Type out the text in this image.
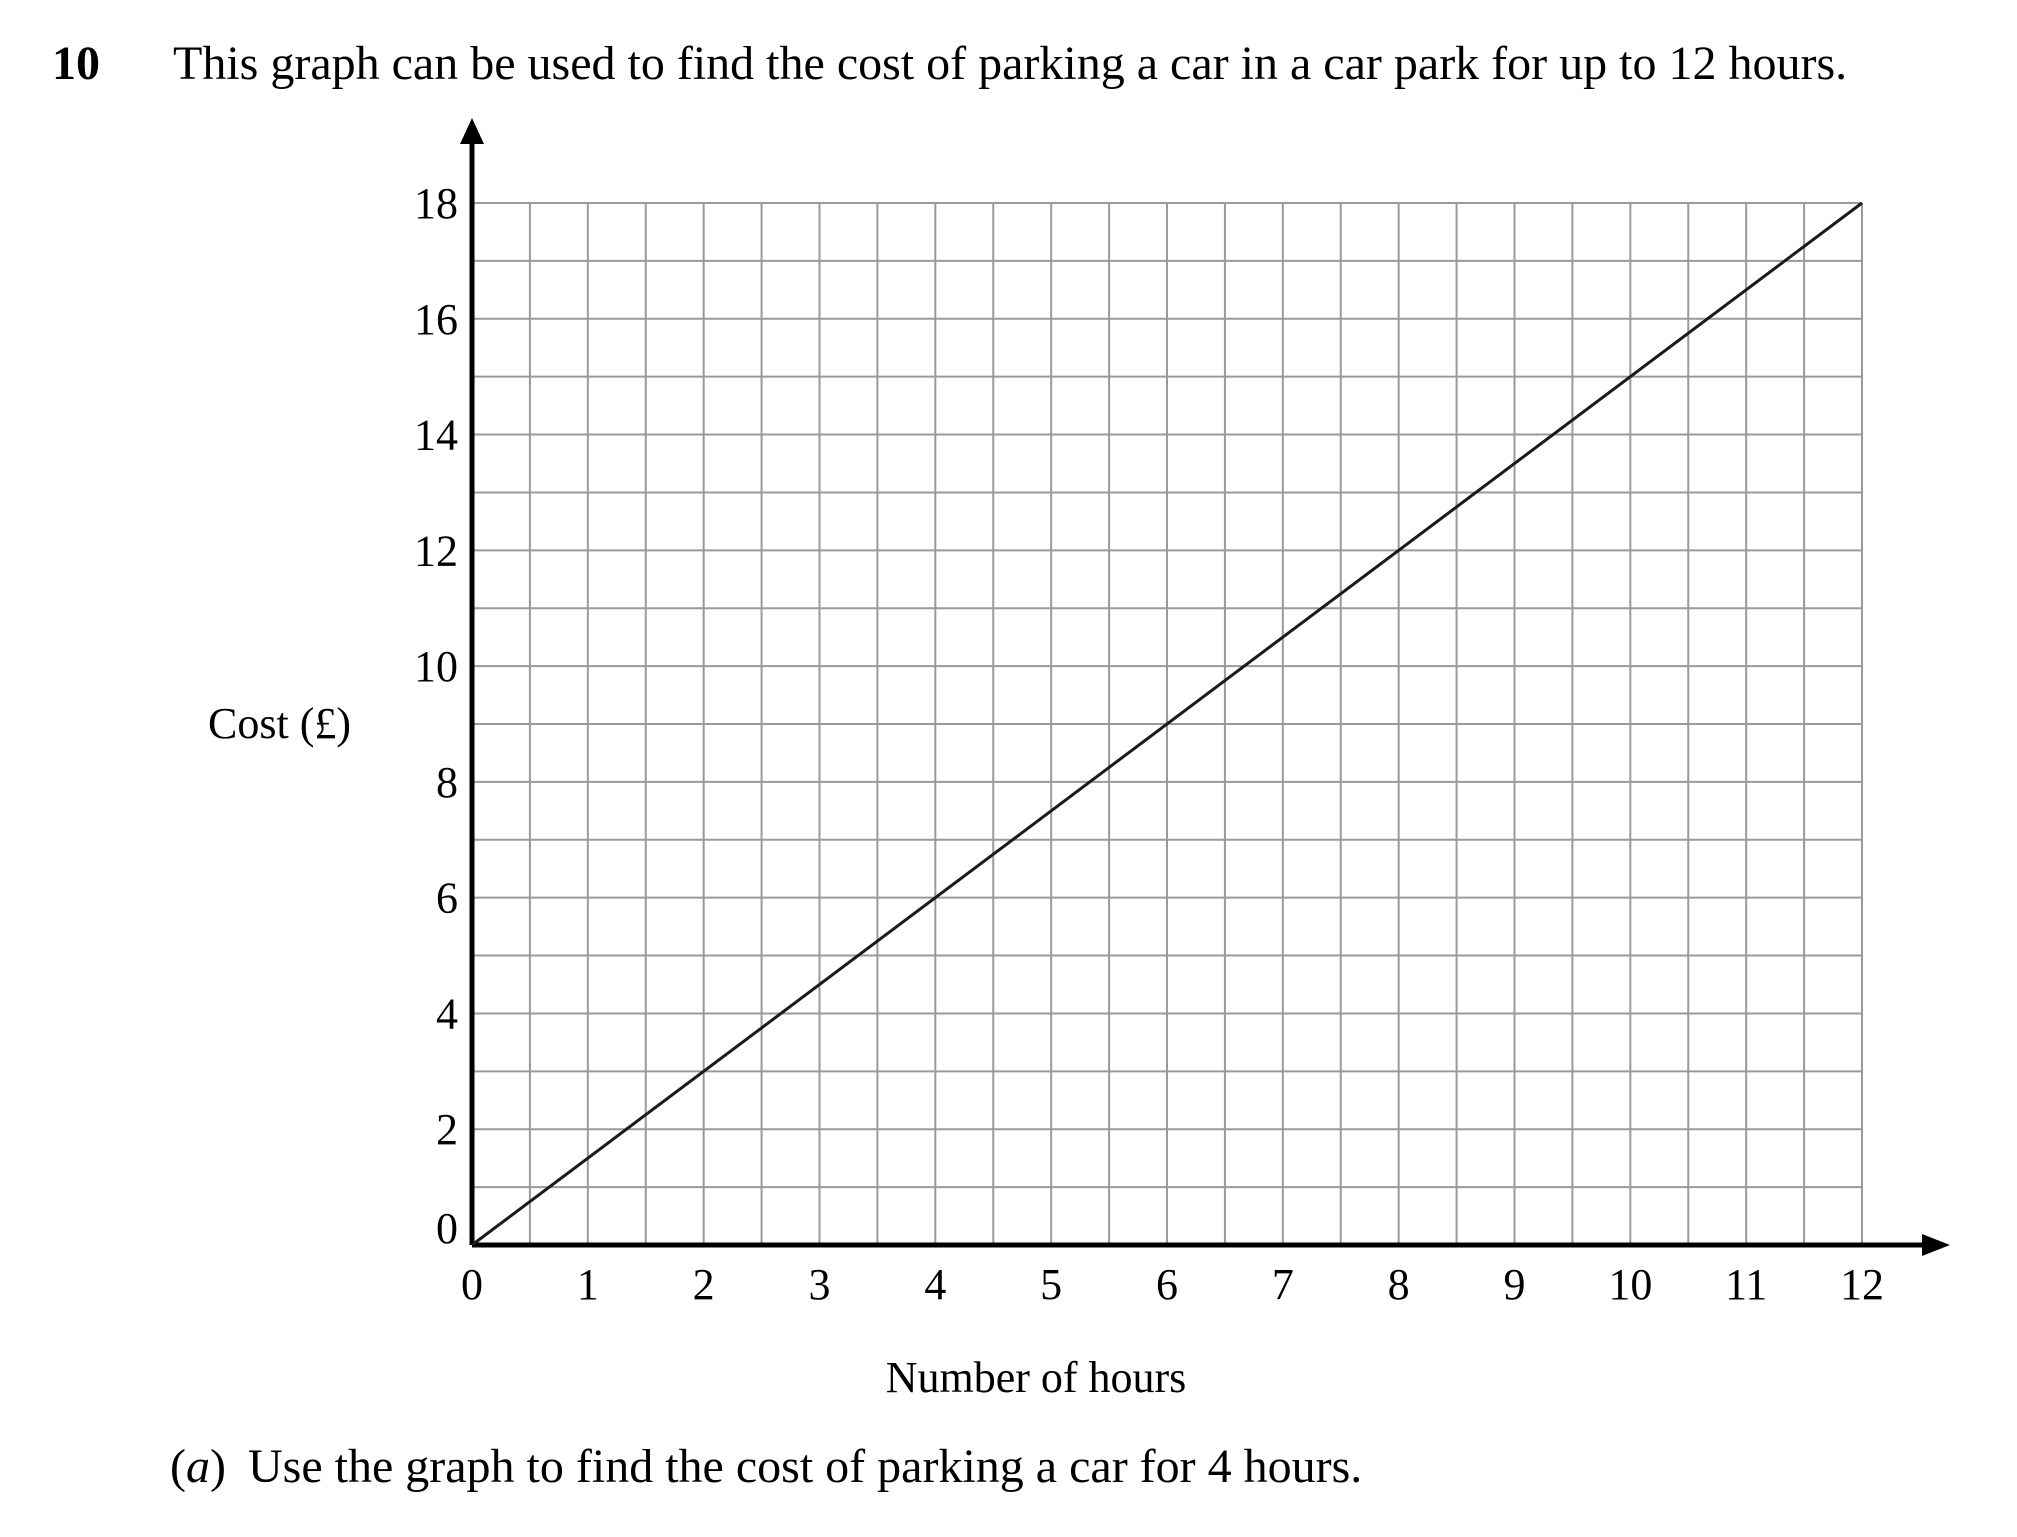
10 This graph can be used to find the cost of parking a car in a car park for up to 12 hours.
0 1 2 3 4 5 6 7 8 9 10 11 12
0
2
4
6
8
10
12
14
16
18
Number of hours
Cost (£)
(a) Use the graph to find the cost of parking a car for 4 hours.
